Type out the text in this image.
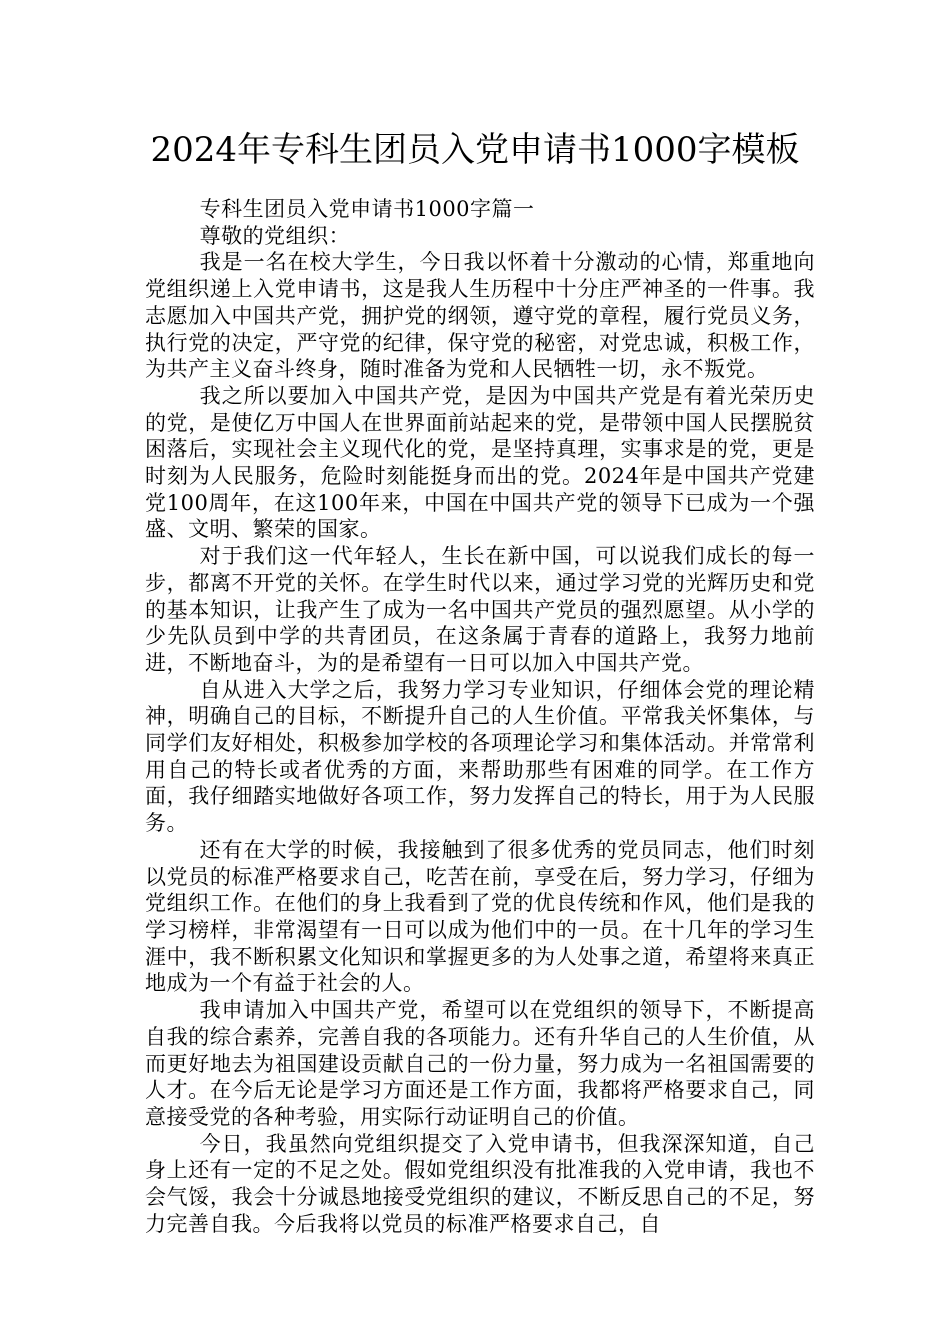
2024年专科生团员入党申请书1000字模板

专科生团员入党申请书1000字篇一

尊敬的党组织：

我是一名在校大学生，今日我以怀着十分激动的心情，郑重地向党组织递上入党申请书，这是我人生历程中十分庄严神圣的一件事。我志愿加入中国共产党，拥护党的纲领，遵守党的章程，履行党员义务，执行党的决定，严守党的纪律，保守党的秘密，对党忠诚，积极工作，为共产主义奋斗终身，随时准备为党和人民牺牲一切，永不叛党。

我之所以要加入中国共产党，是因为中国共产党是有着光荣历史的党，是使亿万中国人在世界面前站起来的党，是带领中国人民摆脱贫困落后，实现社会主义现代化的党，是坚持真理，实事求是的党，更是时刻为人民服务，危险时刻能挺身而出的党。2024年是中国共产党建党100周年，在这100年来，中国在中国共产党的领导下已成为一个强盛、文明、繁荣的国家。

对于我们这一代年轻人，生长在新中国，可以说我们成长的每一步，都离不开党的关怀。在学生时代以来，通过学习党的光辉历史和党的基本知识，让我产生了成为一名中国共产党员的强烈愿望。从小学的少先队员到中学的共青团员，在这条属于青春的道路上，我努力地前进，不断地奋斗，为的是希望有一日可以加入中国共产党。

自从进入大学之后，我努力学习专业知识，仔细体会党的理论精神，明确自己的目标，不断提升自己的人生价值。平常我关怀集体，与同学们友好相处，积极参加学校的各项理论学习和集体活动。并常常利用自己的特长或者优秀的方面，来帮助那些有困难的同学。在工作方面，我仔细踏实地做好各项工作，努力发挥自己的特长，用于为人民服务。

还有在大学的时候，我接触到了很多优秀的党员同志，他们时刻以党员的标准严格要求自己，吃苦在前，享受在后，努力学习，仔细为党组织工作。在他们的身上我看到了党的优良传统和作风，他们是我的学习榜样，非常渴望有一日可以成为他们中的一员。在十几年的学习生涯中，我不断积累文化知识和掌握更多的为人处事之道，希望将来真正地成为一个有益于社会的人。

我申请加入中国共产党，希望可以在党组织的领导下，不断提高自我的综合素养，完善自我的各项能力。还有升华自己的人生价值，从而更好地去为祖国建设贡献自己的一份力量，努力成为一名祖国需要的人才。在今后无论是学习方面还是工作方面，我都将严格要求自己，同意接受党的各种考验，用实际行动证明自己的价值。

今日，我虽然向党组织提交了入党申请书，但我深深知道，自己身上还有一定的不足之处。假如党组织没有批准我的入党申请，我也不会气馁，我会十分诚恳地接受党组织的建议，不断反思自己的不足，努力完善自我。今后我将以党员的标准严格要求自己，自
